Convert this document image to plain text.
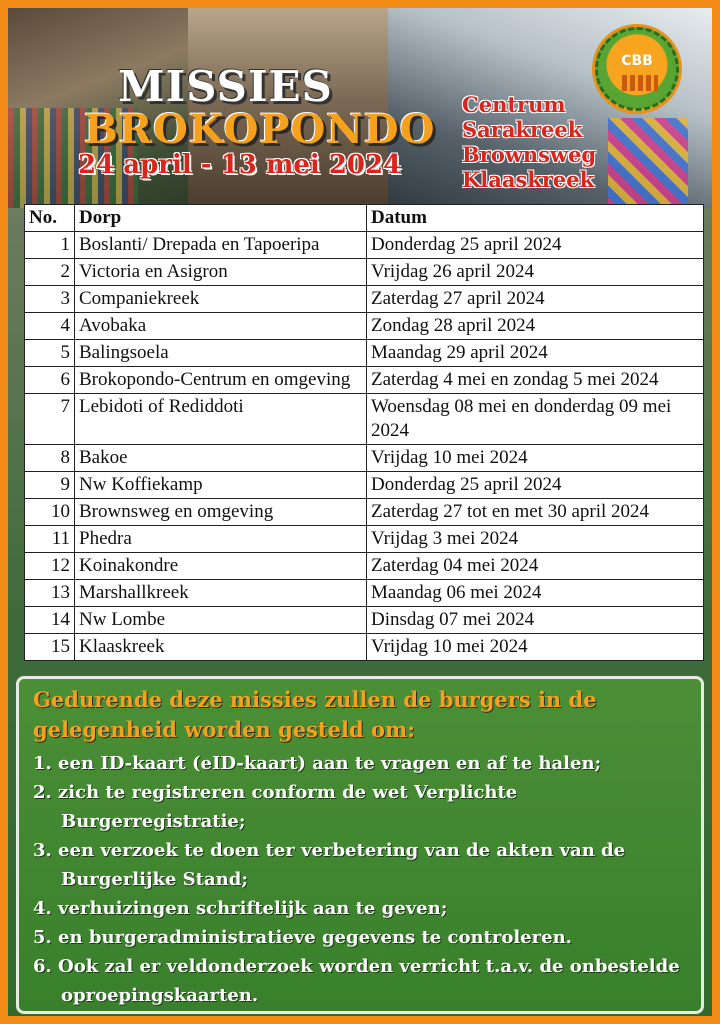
MISSIES
BROKOPONDO
24 april - 13 mei 2024
Centrum
Sarakreek
Brownsweg
Klaaskreek
CBB
No.	Dorp	Datum
1	Boslanti/ Drepada en Tapoeripa	Donderdag 25 april 2024
2	Victoria en Asigron	Vrijdag 26 april 2024
3	Companiekreek	Zaterdag 27 april 2024
4	Avobaka	Zondag 28 april 2024
5	Balingsoela	Maandag 29 april 2024
6	Brokopondo-Centrum en omgeving	Zaterdag 4 mei en zondag 5 mei 2024
7	Lebidoti of Rediddoti	Woensdag 08 mei en donderdag 09 mei 2024
8	Bakoe	Vrijdag 10 mei 2024
9	Nw Koffiekamp	Donderdag 25 april 2024
10	Brownsweg en omgeving	Zaterdag 27 tot en met 30 april 2024
11	Phedra	Vrijdag 3 mei 2024
12	Koinakondre	Zaterdag 04 mei 2024
13	Marshallkreek	Maandag 06 mei 2024
14	Nw Lombe	Dinsdag 07 mei 2024
15	Klaaskreek	Vrijdag 10 mei 2024
Gedurende deze missies zullen de burgers in de gelegenheid worden gesteld om:
1. een ID-kaart (eID-kaart) aan te vragen en af te halen;
2. zich te registreren conform de wet Verplichte Burgerregistratie;
3. een verzoek te doen ter verbetering van de akten van de Burgerlijke Stand;
4. verhuizingen schriftelijk aan te geven;
5. en burgeradministratieve gegevens te controleren.
6. Ook zal er veldonderzoek worden verricht t.a.v. de onbestelde oproepingskaarten.
